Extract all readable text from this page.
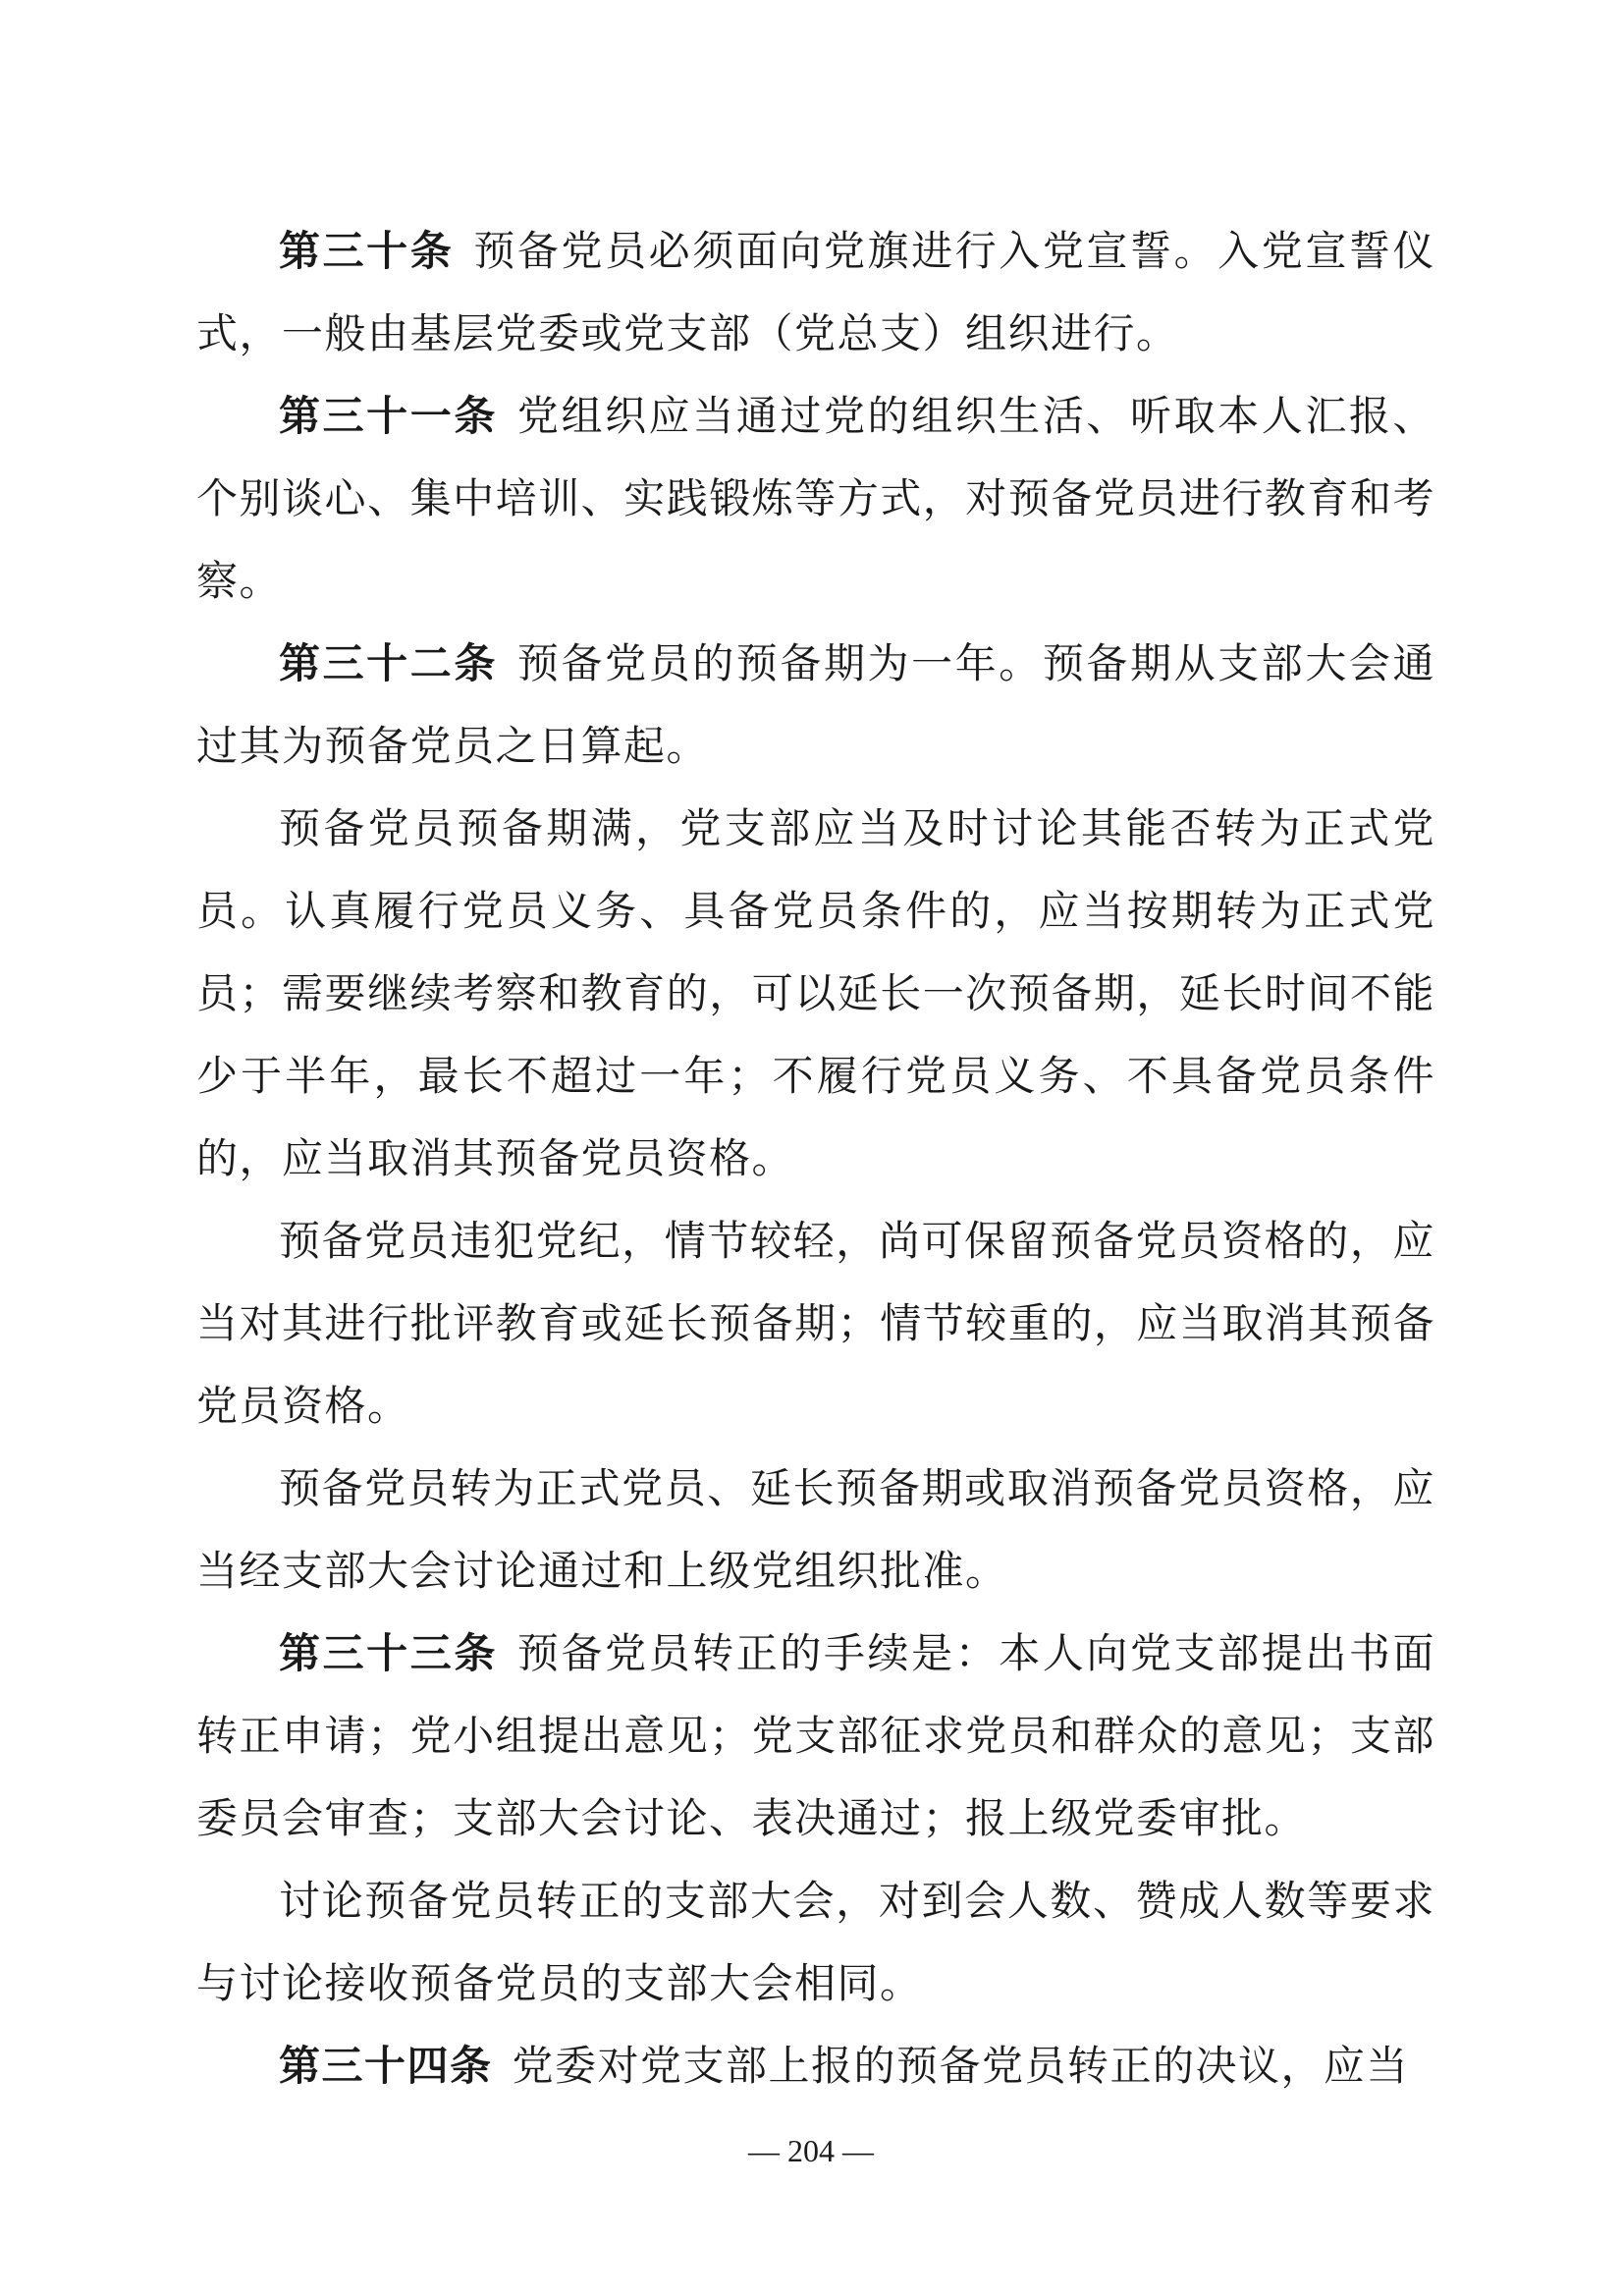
第三十条 预备党员必须面向党旗进行入党宣誓。入党宣誓仪式，一般由基层党委或党支部（党总支）组织进行。

第三十一条 党组织应当通过党的组织生活、听取本人汇报、个别谈心、集中培训、实践锻炼等方式，对预备党员进行教育和考察。

第三十二条 预备党员的预备期为一年。预备期从支部大会通过其为预备党员之日算起。

预备党员预备期满，党支部应当及时讨论其能否转为正式党员。认真履行党员义务、具备党员条件的，应当按期转为正式党员；需要继续考察和教育的，可以延长一次预备期，延长时间不能少于半年，最长不超过一年；不履行党员义务、不具备党员条件的，应当取消其预备党员资格。

预备党员违犯党纪，情节较轻，尚可保留预备党员资格的，应当对其进行批评教育或延长预备期；情节较重的，应当取消其预备党员资格。

预备党员转为正式党员、延长预备期或取消预备党员资格，应当经支部大会讨论通过和上级党组织批准。

第三十三条 预备党员转正的手续是：本人向党支部提出书面转正申请；党小组提出意见；党支部征求党员和群众的意见；支部委员会审查；支部大会讨论、表决通过；报上级党委审批。

讨论预备党员转正的支部大会，对到会人数、赞成人数等要求与讨论接收预备党员的支部大会相同。

第三十四条 党委对党支部上报的预备党员转正的决议，应当

— 204 —
